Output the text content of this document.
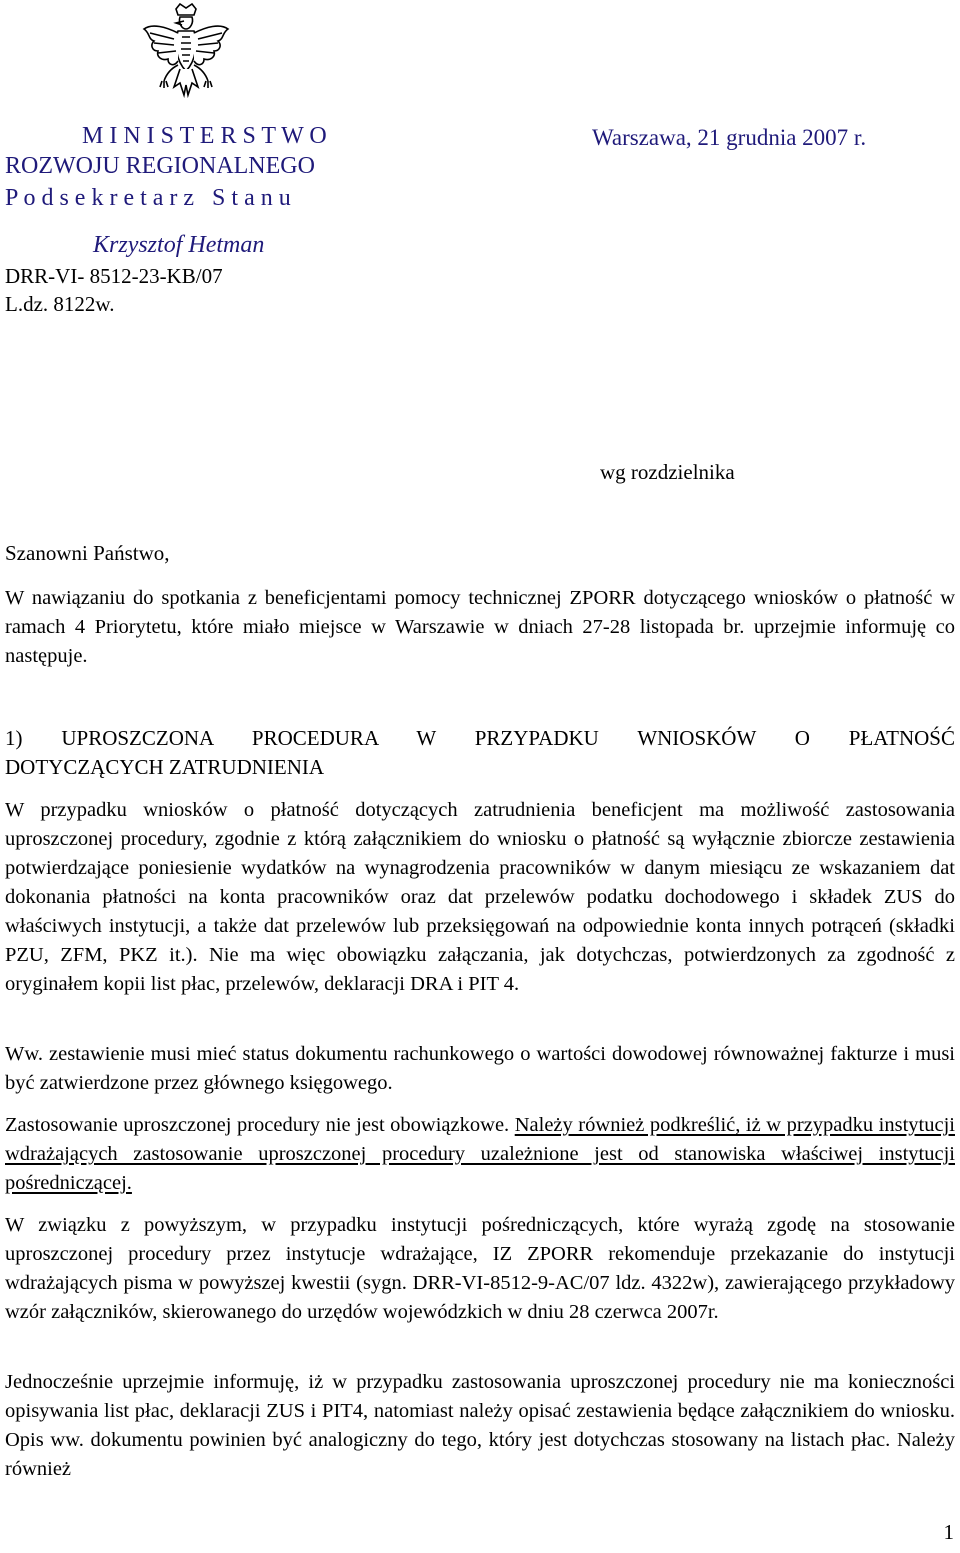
M I N I S T E R S T W O
ROZWOJU REGIONALNEGO
P o d s e k r e t a r z   S t a n u
Krzysztof Hetman
Warszawa, 21 grudnia 2007 r.
DRR-VI- 8512-23-KB/07
L.dz. 8122w.
wg rozdzielnika
Szanowni Państwo,
W nawiązaniu do spotkania z beneficjentami pomocy technicznej ZPORR dotyczącego wniosków o płatność w ramach 4 Priorytetu, które miało miejsce w Warszawie w dniach 27-28 listopada br. uprzejmie informuję co następuje.
1) UPROSZCZONA PROCEDURA W PRZYPADKU WNIOSKÓW O PŁATNOŚĆ
DOTYCZĄCYCH ZATRUDNIENIA
W przypadku wniosków o płatność dotyczących zatrudnienia beneficjent ma możliwość zastosowania uproszczonej procedury, zgodnie z którą załącznikiem do wniosku o płatność są wyłącznie zbiorcze zestawienia potwierdzające poniesienie wydatków na wynagrodzenia pracowników w danym miesiącu ze wskazaniem dat dokonania płatności na konta pracowników oraz dat przelewów podatku dochodowego i składek ZUS do właściwych instytucji, a także dat przelewów lub przeksięgowań na odpowiednie konta innych potrąceń (składki PZU, ZFM, PKZ it.). Nie ma więc obowiązku załączania, jak dotychczas, potwierdzonych za zgodność z oryginałem kopii list płac, przelewów, deklaracji DRA i PIT 4.
Ww. zestawienie musi mieć status dokumentu rachunkowego o wartości dowodowej równoważnej fakturze i musi być zatwierdzone przez głównego księgowego.
Zastosowanie uproszczonej procedury nie jest obowiązkowe. Należy również podkreślić, iż w przypadku instytucji wdrażających zastosowanie uproszczonej procedury uzależnione jest od stanowiska właściwej instytucji pośredniczącej.
W związku z powyższym, w przypadku instytucji pośredniczących, które wyrażą zgodę na stosowanie uproszczonej procedury przez instytucje wdrażające, IZ ZPORR rekomenduje przekazanie do instytucji wdrażających pisma w powyższej kwestii (sygn. DRR-VI-8512-9-AC/07 ldz. 4322w), zawierającego przykładowy wzór załączników, skierowanego do urzędów wojewódzkich w dniu 28 czerwca 2007r.
Jednocześnie uprzejmie informuję, iż w przypadku zastosowania uproszczonej procedury nie ma konieczności opisywania list płac, deklaracji ZUS i PIT4, natomiast należy opisać zestawienia będące załącznikiem do wniosku. Opis ww. dokumentu powinien być analogiczny do tego, który jest dotychczas stosowany na listach płac. Należy również
1
